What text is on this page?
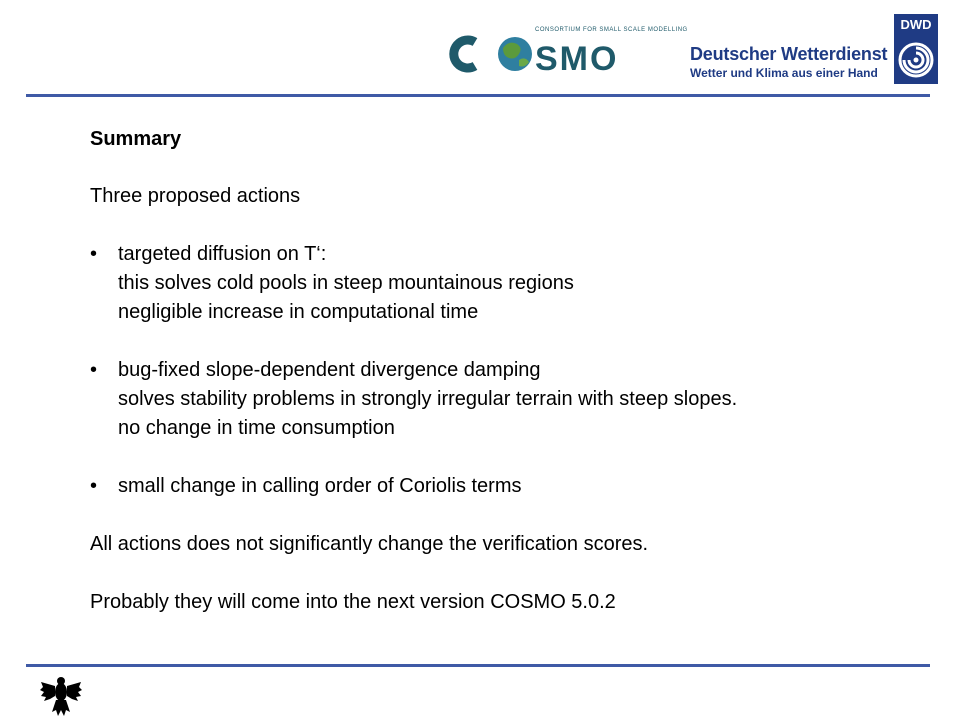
SMO
CONSORTIUM FOR SMALL SCALE MODELLING
Deutscher Wetterdienst
Wetter und Klima aus einer Hand
DWD
Summary
Three proposed actions
• targeted diffusion on T‘:
this solves cold pools in steep mountainous regions
negligible increase in computational time
• bug-fixed slope-dependent divergence damping
solves stability problems in strongly irregular terrain with steep slopes.
no change in time consumption
• small change in calling order of Coriolis terms
All actions does not significantly change the verification scores.
Probably they will come into the next version COSMO 5.0.2
